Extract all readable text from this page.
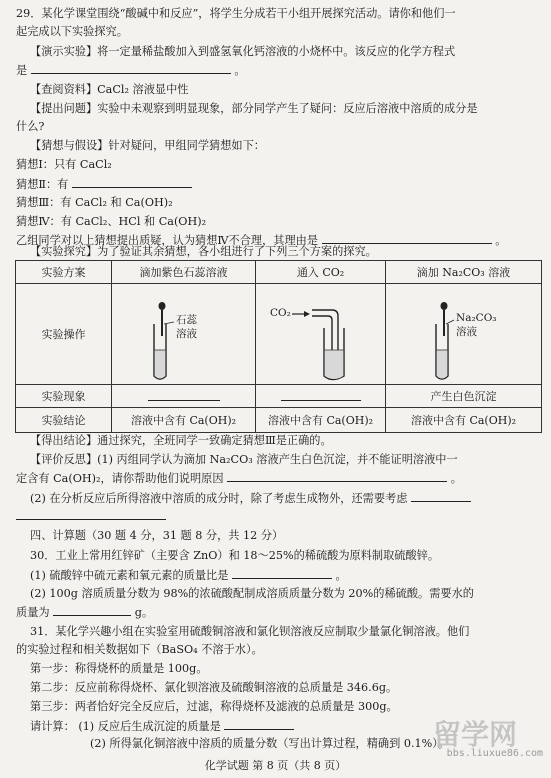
29．某化学课堂围绕“酸碱中和反应”，将学生分成若干小组开展探究活动。请你和他们一
起完成以下实验探究。
【演示实验】将一定量稀盐酸加入到盛氢氧化钙溶液的小烧杯中。该反应的化学方程式
是	。
【查阅资料】CaCl₂ 溶液显中性
【提出问题】实验中未观察到明显现象，部分同学产生了疑问：反应后溶液中溶质的成分是
什么?
【猜想与假设】针对疑问，甲组同学猜想如下：
猜想Ⅰ：只有 CaCl₂
猜想Ⅱ：有
猜想Ⅲ：有 CaCl₂ 和 Ca(OH)₂
猜想Ⅳ：有 CaCl₂、HCl 和 Ca(OH)₂
乙组同学对以上猜想提出质疑，认为猜想Ⅳ不合理，其理由是	。
【实验探究】为了验证其余猜想，各小组进行了下列三个方案的探究。
实验方案	滴加紫色石蕊溶液	通入 CO₂	滴加 Na₂CO₃ 溶液
实验操作	石蕊
溶液	CO₂	Na₂CO₃
溶液

实验现象			产生白色沉淀
实验结论	溶液中含有 Ca(OH)₂	溶液中含有 Ca(OH)₂	溶液中含有 Ca(OH)₂
【得出结论】通过探究，全班同学一致确定猜想Ⅲ是正确的。
【评价反思】(1) 丙组同学认为滴加 Na₂CO₃ 溶液产生白色沉淀，并不能证明溶液中一
定含有 Ca(OH)₂，请你帮助他们说明原因	。
(2) 在分析反应后所得溶液中溶质的成分时，除了考虑生成物外，还需要考虑
四、计算题（30 题 4 分，31 题 8 分，共 12 分）
30．工业上常用红锌矿（主要含 ZnO）和 18～25%的稀硫酸为原料制取硫酸锌。
(1) 硫酸锌中硫元素和氧元素的质量比是	。
(2) 100g 溶质质量分数为 98%的浓硫酸配制成溶质质量分数为 20%的稀硫酸。需要水的
质量为	g。
31．某化学兴趣小组在实验室用硫酸铜溶液和氯化钡溶液反应制取少量氯化铜溶液。他们
的实验过程和相关数据如下（BaSO₄ 不溶于水）。
第一步：称得烧杯的质量是 100g。
第二步：反应前称得烧杯、氯化钡溶液及硫酸铜溶液的总质量是 346.6g。
第三步：两者恰好完全反应后，过滤，称得烧杯及滤液的总质量是 300g。
请计算： (1) 反应后生成沉淀的质量是
(2) 所得氯化铜溶液中溶质的质量分数（写出计算过程，精确到 0.1%）。
化学试题 第 8 页（共 8 页）
留学网
bbs.liuxue86.com
